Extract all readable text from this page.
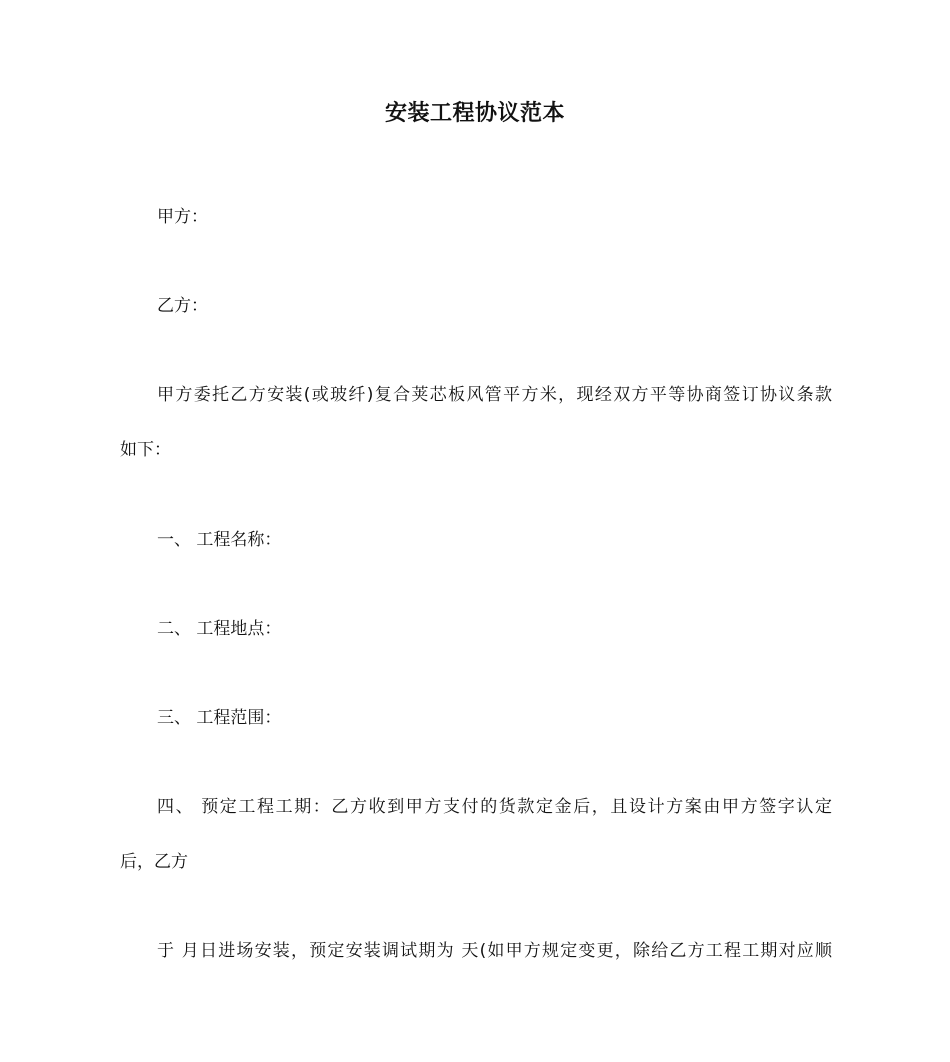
安装工程协议范本
甲方：
乙方：
甲方委托乙方安装(或玻纤)复合荚芯板风管平方米，现经双方平等协商签订协议条款
如下：
一、 工程名称：
二、 工程地点：
三、 工程范围：
四、 预定工程工期：乙方收到甲方支付的货款定金后，且设计方案由甲方签字认定
后，乙方
于 月日进场安装，预定安装调试期为 天(如甲方规定变更，除给乙方工程工期对应顺
